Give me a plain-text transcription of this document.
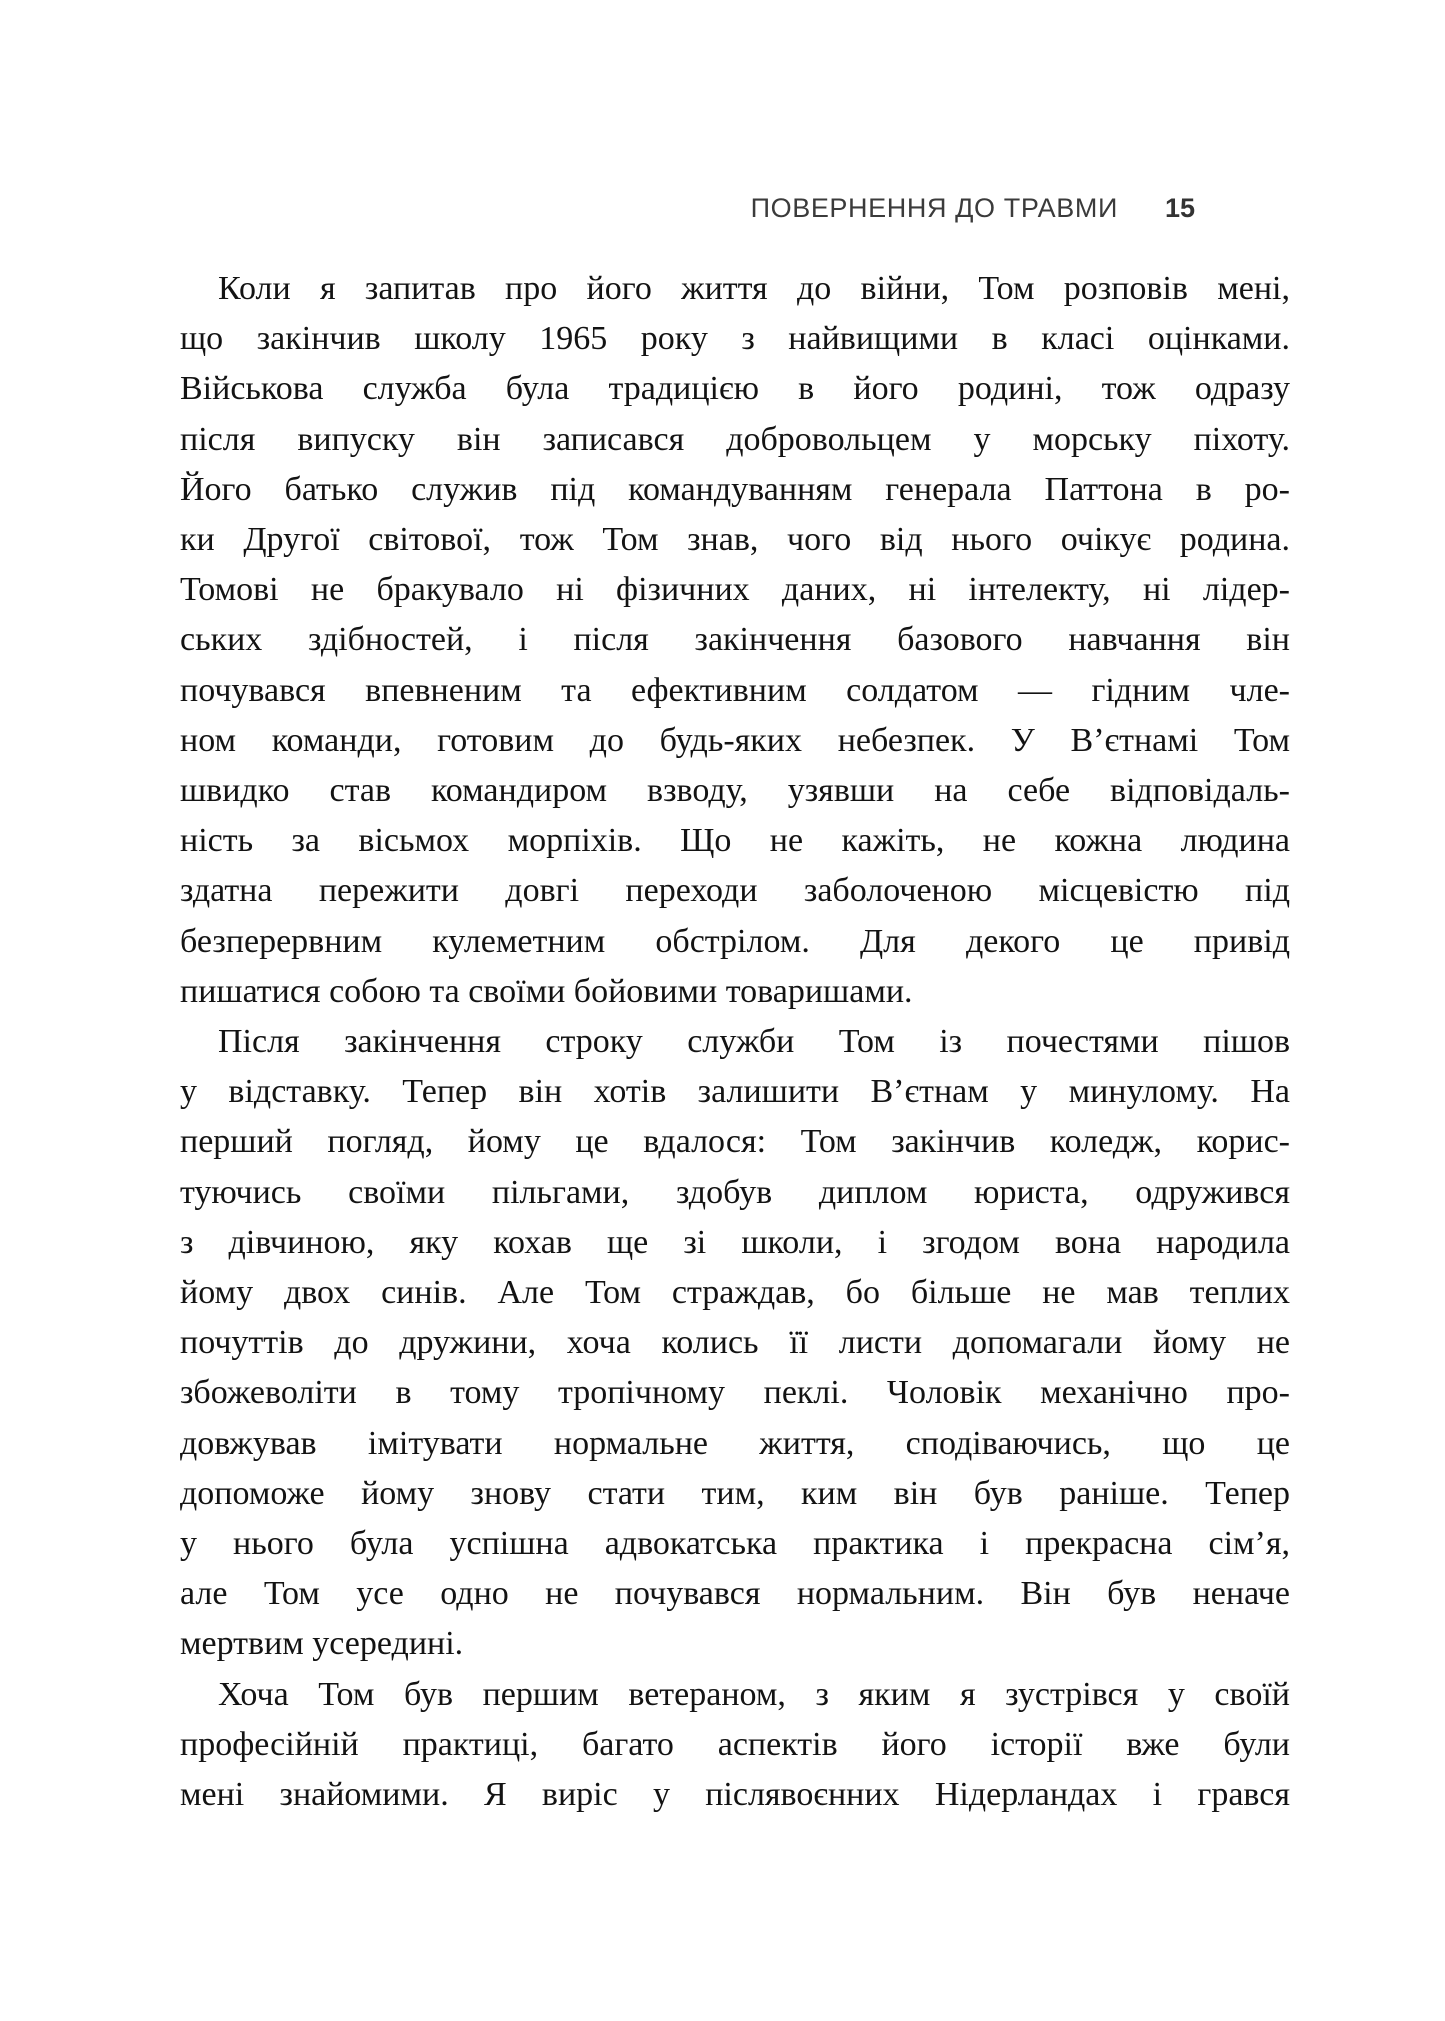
ПОВЕРНЕННЯ ДО ТРАВМИ 15
Коли я запитав про його життя до війни, Том розповів мені,
що закінчив школу 1965 року з найвищими в класі оцінками.
Військова служба була традицією в його родині, тож одразу
після випуску він записався добровольцем у морську піхоту.
Його батько служив під командуванням генерала Паттона в ро-
ки Другої світової, тож Том знав, чого від нього очікує родина.
Томові не бракувало ні фізичних даних, ні інтелекту, ні лідер-
ських здібностей, і після закінчення базового навчання він
почувався впевненим та ефективним солдатом — гідним чле-
ном команди, готовим до будь-яких небезпек. У В’єтнамі Том
швидко став командиром взводу, узявши на себе відповідаль-
ність за вісьмох морпіхів. Що не кажіть, не кожна людина
здатна пережити довгі переходи заболоченою місцевістю під
безперервним кулеметним обстрілом. Для декого це привід
пишатися собою та своїми бойовими товаришами.
Після закінчення строку служби Том із почестями пішов
у відставку. Тепер він хотів залишити В’єтнам у минулому. На
перший погляд, йому це вдалося: Том закінчив коледж, корис-
туючись своїми пільгами, здобув диплом юриста, одружився
з дівчиною, яку кохав ще зі школи, і згодом вона народила
йому двох синів. Але Том страждав, бо більше не мав теплих
почуттів до дружини, хоча колись її листи допомагали йому не
збожеволіти в тому тропічному пеклі. Чоловік механічно про-
довжував імітувати нормальне життя, сподіваючись, що це
допоможе йому знову стати тим, ким він був раніше. Тепер
у нього була успішна адвокатська практика і прекрасна сім’я,
але Том усе одно не почувався нормальним. Він був неначе
мертвим усередині.
Хоча Том був першим ветераном, з яким я зустрівся у своїй
професійній практиці, багато аспектів його історії вже були
мені знайомими. Я виріс у післявоєнних Нідерландах і грався
